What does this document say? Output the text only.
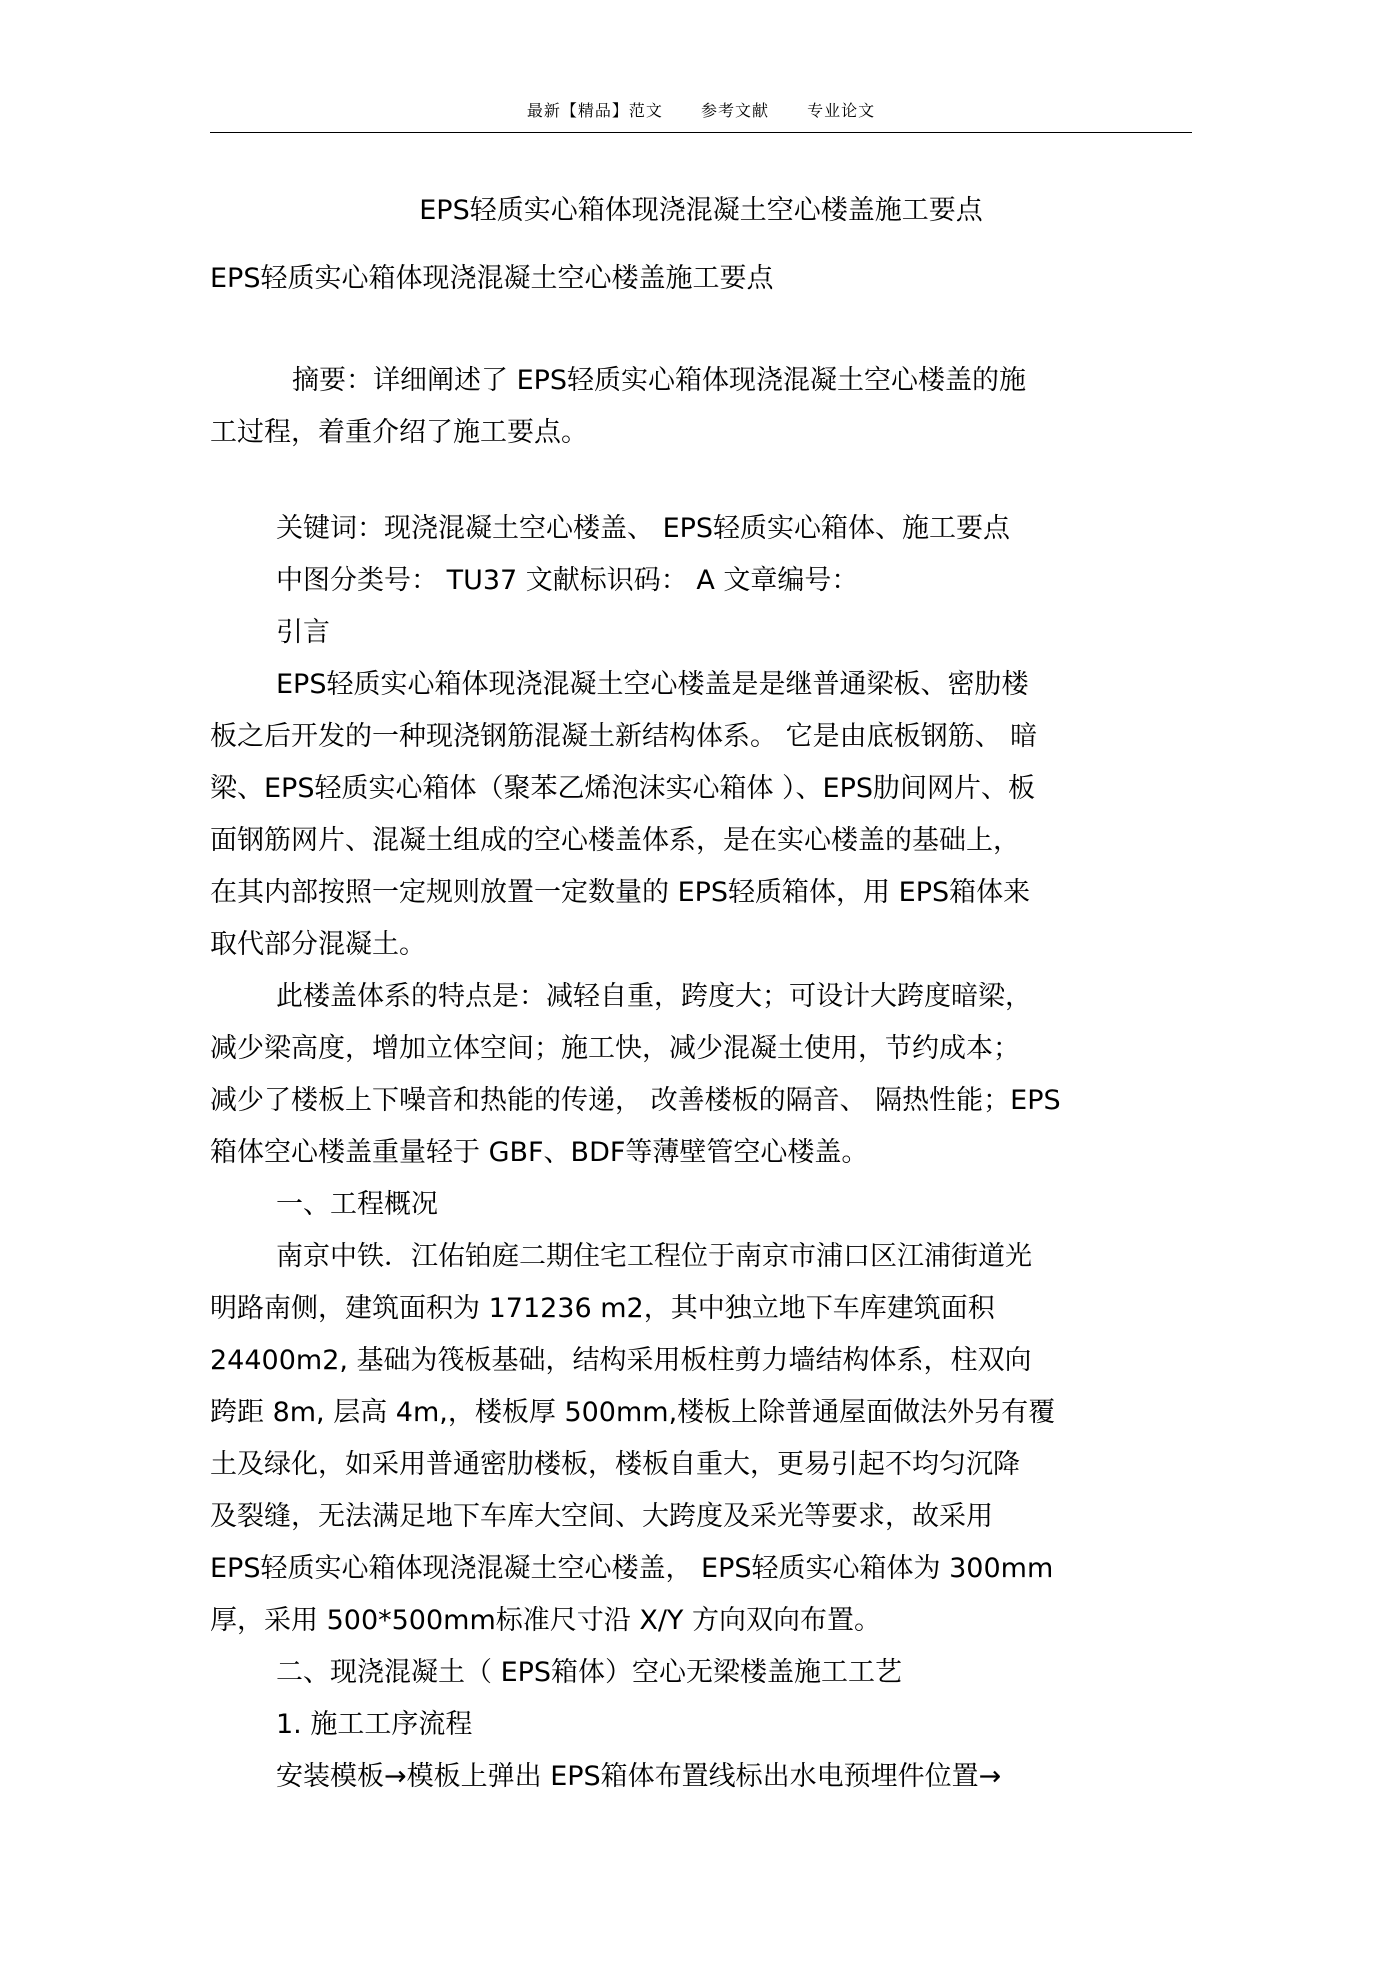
最新【精品】范文 参考文献 专业论文
EPS轻质实心箱体现浇混凝土空心楼盖施工要点
EPS轻质实心箱体现浇混凝土空心楼盖施工要点
摘要：详细阐述了 EPS轻质实心箱体现浇混凝土空心楼盖的施
工过程，着重介绍了施工要点。
关键词：现浇混凝土空心楼盖、 EPS轻质实心箱体、施工要点
中图分类号： TU37 文献标识码： A 文章编号：
引言
EPS轻质实心箱体现浇混凝土空心楼盖是是继普通梁板、密肋楼
板之后开发的一种现浇钢筋混凝土新结构体系。 它是由底板钢筋、 暗
梁、EPS轻质实心箱体（聚苯乙烯泡沫实心箱体 ）、EPS肋间网片、板
面钢筋网片、混凝土组成的空心楼盖体系，是在实心楼盖的基础上，
在其内部按照一定规则放置一定数量的 EPS轻质箱体，用 EPS箱体来
取代部分混凝土。
此楼盖体系的特点是：减轻自重，跨度大；可设计大跨度暗梁，
减少梁高度，增加立体空间；施工快，减少混凝土使用，节约成本；
减少了楼板上下噪音和热能的传递， 改善楼板的隔音、 隔热性能；EPS
箱体空心楼盖重量轻于 GBF、BDF等薄壁管空心楼盖。
一、工程概况
南京中铁．江佑铂庭二期住宅工程位于南京市浦口区江浦街道光
明路南侧，建筑面积为 171236 m2，其中独立地下车库建筑面积
24400m2, 基础为筏板基础，结构采用板柱剪力墙结构体系，柱双向
跨距 8m, 层高 4m,，楼板厚 500mm,楼板上除普通屋面做法外另有覆
土及绿化，如采用普通密肋楼板，楼板自重大，更易引起不均匀沉降
及裂缝，无法满足地下车库大空间、大跨度及采光等要求，故采用
EPS轻质实心箱体现浇混凝土空心楼盖， EPS轻质实心箱体为 300mm
厚，采用 500*500mm标准尺寸沿 X/Y 方向双向布置。
二、现浇混凝土（ EPS箱体）空心无梁楼盖施工工艺
1. 施工工序流程
安装模板→模板上弹出 EPS箱体布置线标出水电预埋件位置→
